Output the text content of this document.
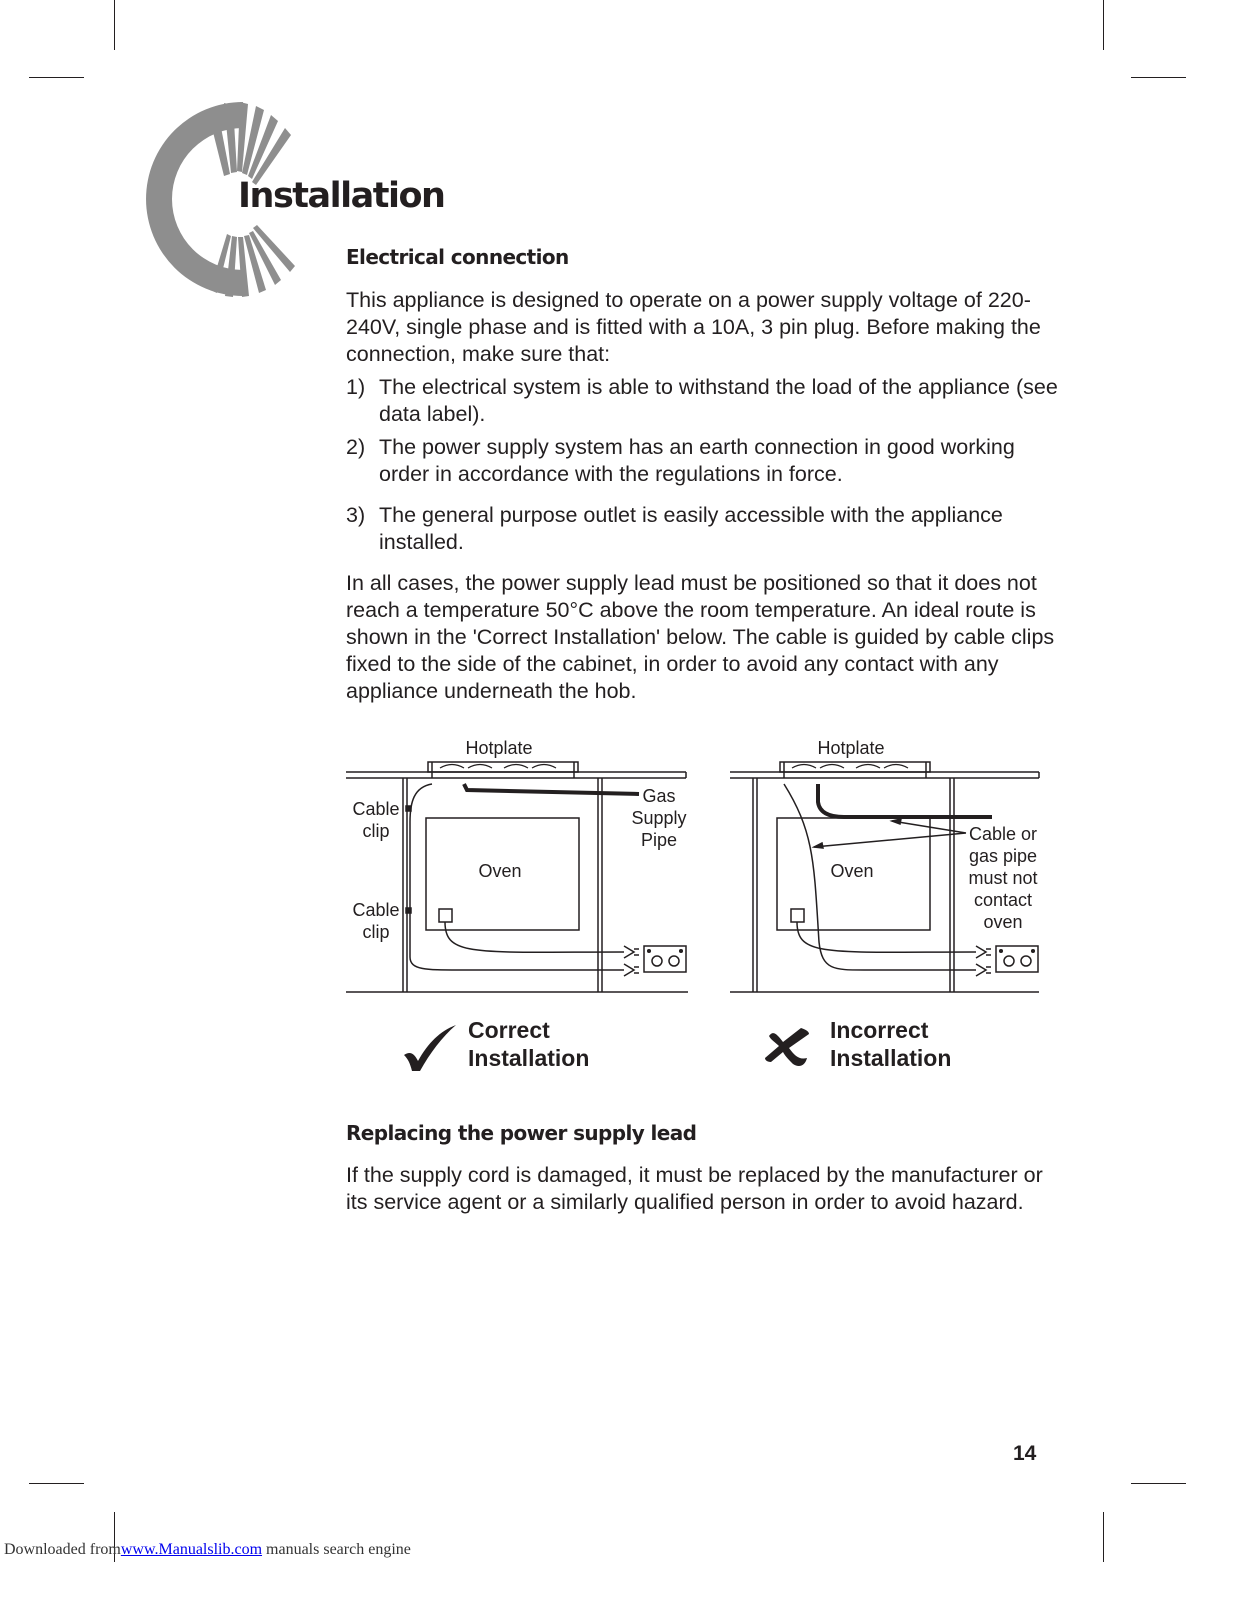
Installation
Electrical connection

This appliance is designed to operate on a power supply voltage of 220-240V, single phase and is fitted with a 10A, 3 pin plug. Before making the connection, make sure that:

1) The electrical system is able to withstand the load of the appliance (see data label).
2) The power supply system has an earth connection in good working order in accordance with the regulations in force.
3) The general purpose outlet is easily accessible with the appliance installed.

In all cases, the power supply lead must be positioned so that it does not reach a temperature 50°C above the room temperature. An ideal route is shown in the 'Correct Installation' below. The cable is guided by cable clips fixed to the side of the cabinet, in order to avoid any contact with any appliance underneath the hob.

Hotplate
Cable
clip
Cable
clip
Oven
Gas
Supply
Pipe
Hotplate
Oven
Cable or
gas pipe
must not
contact
oven
Correct
Installation
Incorrect
Installation
Replacing the power supply lead

If the supply cord is damaged, it must be replaced by the manufacturer or its service agent or a similarly qualified person in order to avoid hazard.

14
Downloaded fromwww.Manualslib.com manuals search engine
